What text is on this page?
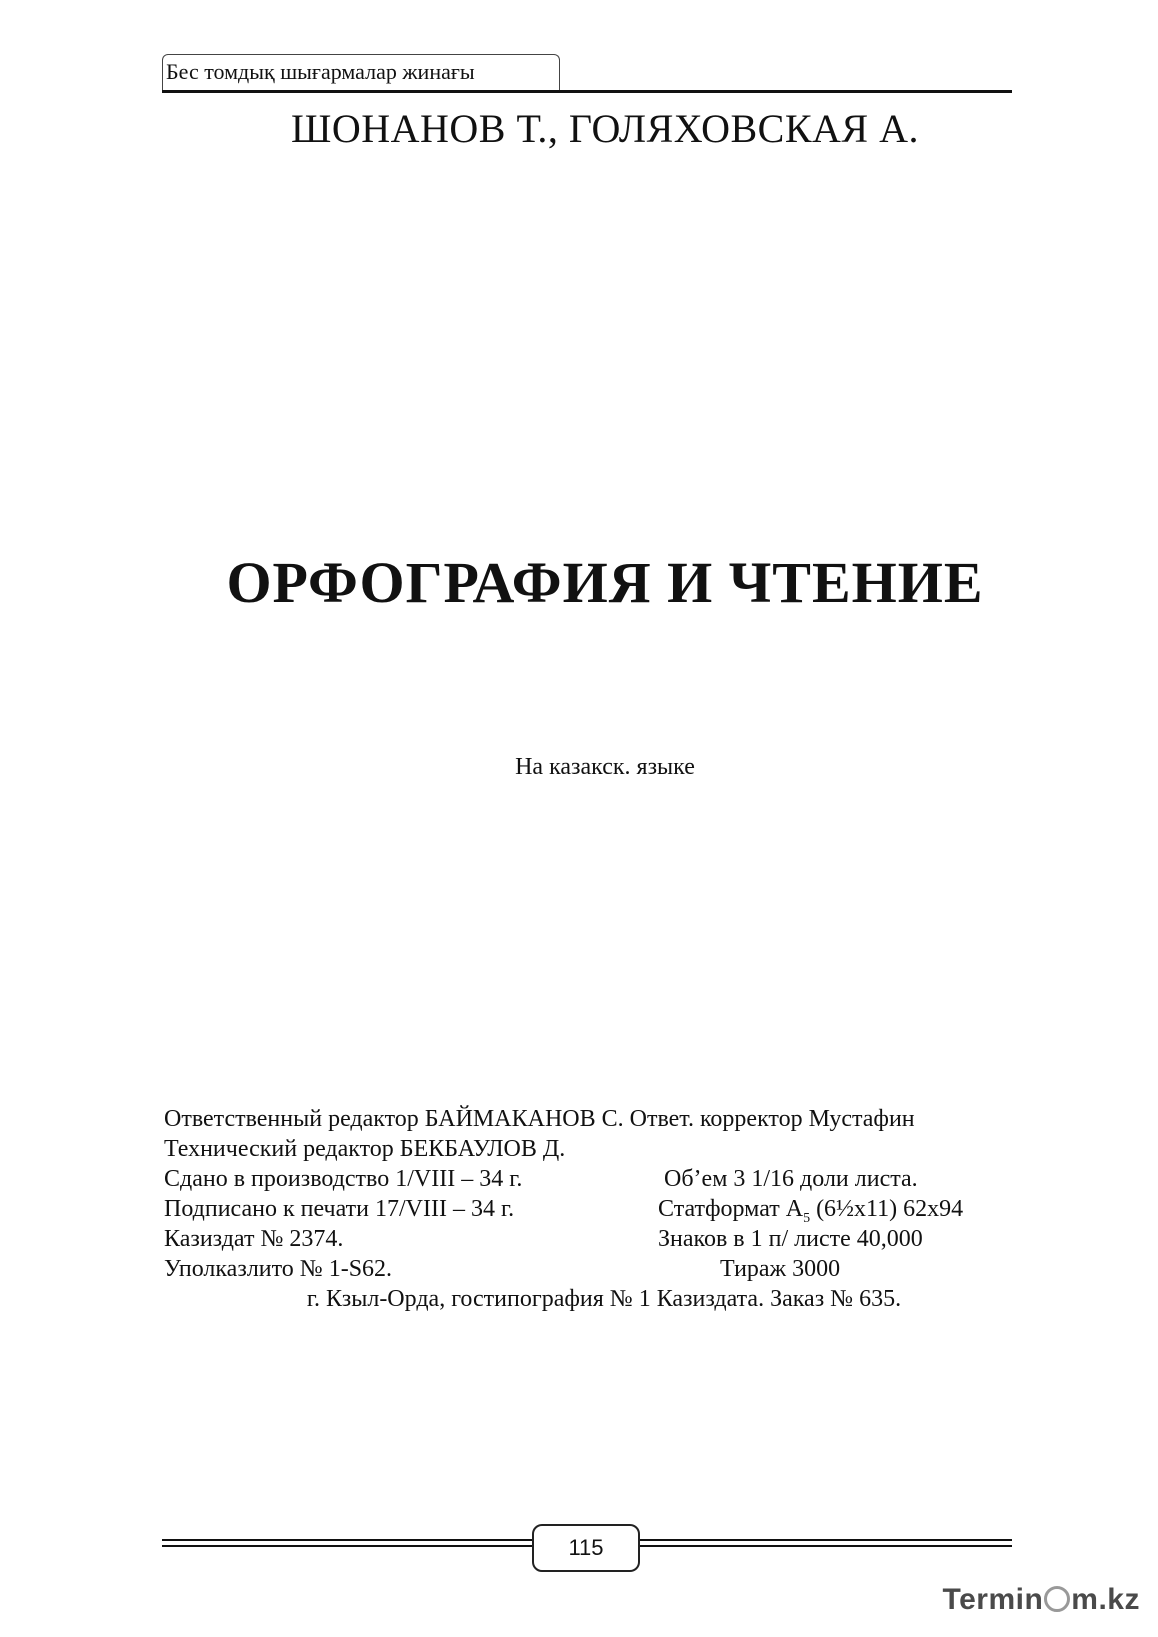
Бес томдық шығармалар жинағы
ШОНАНОВ Т., ГОЛЯХОВСКАЯ А.
ОРФОГРАФИЯ И ЧТЕНИЕ
На казакск. языке
Ответственный редактор БАЙМАКАНОВ С. Ответ. корректор Мустафин
Технический редактор БЕКБАУЛОВ Д.
Сдано в производство 1/VIII – 34 г.	Об’ем 3 1/16 доли листа.
Подписано к печати 17/VIII – 34 г.	Статформат $А_5$ (6½х11) 62х94
Казиздат № 2374.	Знаков в 1 п/ листе 40,000
Уполказлито № 1-S62.	Тираж 3000
г. Кзыл-Орда, гостипография № 1 Казиздата. Заказ № 635.
115
Termin m.kz
